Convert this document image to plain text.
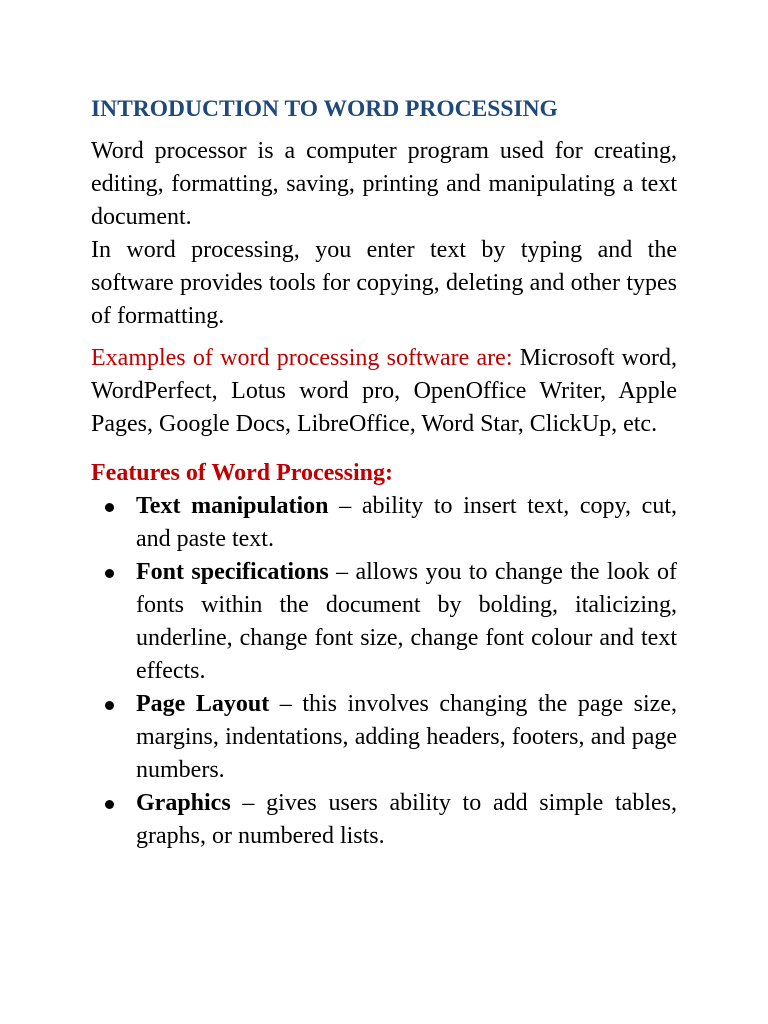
INTRODUCTION TO WORD PROCESSING

Word processor is a computer program used for creating, editing, formatting, saving, printing and manipulating a text document.

In word processing, you enter text by typing and the software provides tools for copying, deleting and other types of formatting.

Examples of word processing software are: Microsoft word, WordPerfect, Lotus word pro, OpenOffice Writer, Apple Pages, Google Docs, LibreOffice, Word Star, ClickUp, etc.

Features of Word Processing:
Text manipulation – ability to insert text, copy, cut, and paste text.
Font specifications – allows you to change the look of fonts within the document by bolding, italicizing, underline, change font size, change font colour and text effects.
Page Layout – this involves changing the page size, margins, indentations, adding headers, footers, and page numbers.
Graphics – gives users ability to add simple tables, graphs, or numbered lists.
